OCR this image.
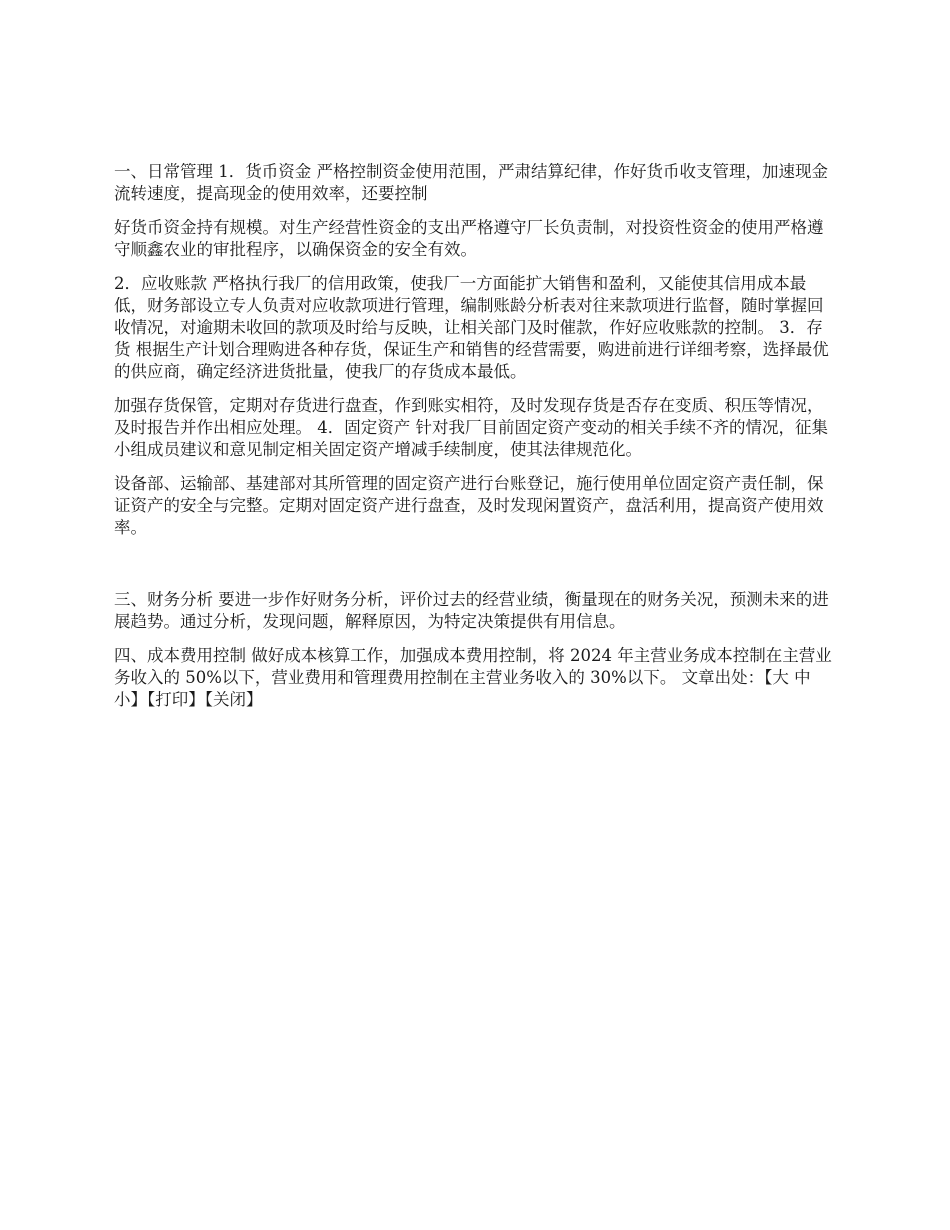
一、日常管理 1．货币资金 严格控制资金使用范围，严肃结算纪律，作好货币收支管理，加速现金流转速度，提高现金的使用效率，还要控制

好货币资金持有规模。对生产经营性资金的支出严格遵守厂长负责制，对投资性资金的使用严格遵守顺鑫农业的审批程序，以确保资金的安全有效。

2．应收账款 严格执行我厂的信用政策，使我厂一方面能扩大销售和盈利，又能使其信用成本最低，财务部设立专人负责对应收款项进行管理，编制账龄分析表对往来款项进行监督，随时掌握回收情况，对逾期未收回的款项及时给与反映，让相关部门及时催款，作好应收账款的控制。 3．存货 根据生产计划合理购进各种存货，保证生产和销售的经营需要，购进前进行详细考察，选择最优的供应商，确定经济进货批量，使我厂的存货成本最低。

加强存货保管，定期对存货进行盘查，作到账实相符，及时发现存货是否存在变质、积压等情况，及时报告并作出相应处理。 4．固定资产 针对我厂目前固定资产变动的相关手续不齐的情况，征集小组成员建议和意见制定相关固定资产增减手续制度，使其法律规范化。

设备部、运输部、基建部对其所管理的固定资产进行台账登记，施行使用单位固定资产责任制，保证资产的安全与完整。定期对固定资产进行盘查，及时发现闲置资产，盘活利用，提高资产使用效率。

三、财务分析 要进一步作好财务分析，评价过去的经营业绩，衡量现在的财务关况，预测未来的进展趋势。通过分析，发现问题，解释原因，为特定决策提供有用信息。

四、成本费用控制 做好成本核算工作，加强成本费用控制，将 2024 年主营业务成本控制在主营业务收入的 50%以下，营业费用和管理费用控制在主营业务收入的 30%以下。 文章出处：【大 中 小】【打印】【关闭】
